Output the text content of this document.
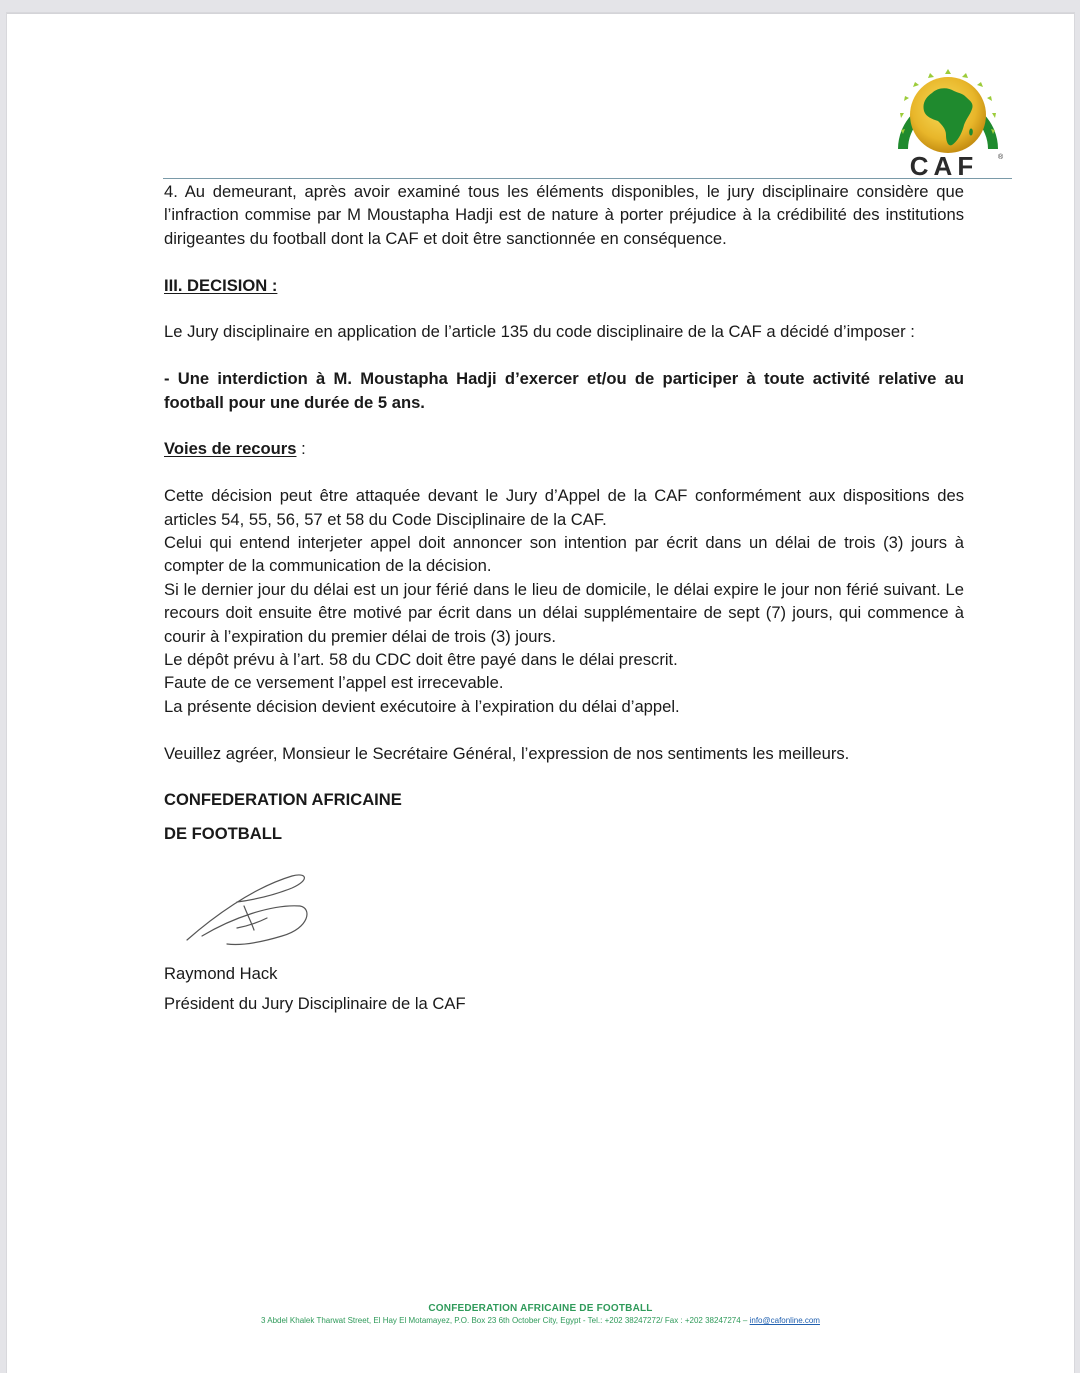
CAF	®

4. Au demeurant, après avoir examiné tous les éléments disponibles, le jury disciplinaire considère que l’infraction commise par M Moustapha Hadji est de nature à porter préjudice à la crédibilité des institutions dirigeantes du football dont la CAF et doit être sanctionnée en conséquence.

III. DECISION :

Le Jury disciplinaire en application de l’article 135 du code disciplinaire de la CAF a décidé d’imposer :

- Une interdiction à M. Moustapha Hadji d’exercer et/ou de participer à toute activité relative au football pour une durée de 5 ans.

Voies de recours :

Cette décision peut être attaquée devant le Jury d’Appel de la CAF conformément aux dispositions des articles 54, 55, 56, 57 et 58 du Code Disciplinaire de la CAF.

Celui qui entend interjeter appel doit annoncer son intention par écrit dans un délai de trois (3) jours à compter de la communication de la décision.

Si le dernier jour du délai est un jour férié dans le lieu de domicile, le délai expire le jour non férié suivant. Le recours doit ensuite être motivé par écrit dans un délai supplémentaire de sept (7) jours, qui commence à courir à l’expiration du premier délai de trois (3) jours.

Le dépôt prévu à l’art. 58 du CDC doit être payé dans le délai prescrit.

Faute de ce versement l’appel est irrecevable.

La présente décision devient exécutoire à l’expiration du délai d’appel.

Veuillez agréer, Monsieur le Secrétaire Général, l’expression de nos sentiments les meilleurs.

CONFEDERATION AFRICAINE

DE FOOTBALL

Raymond Hack
Président du Jury Disciplinaire de la CAF
CONFEDERATION AFRICAINE DE FOOTBALL
3 Abdel Khalek Tharwat Street, El Hay El Motamayez, P.O. Box 23 6th October City, Egypt - Tel.: +202 38247272/ Fax : +202 38247274 – info@cafonline.com
